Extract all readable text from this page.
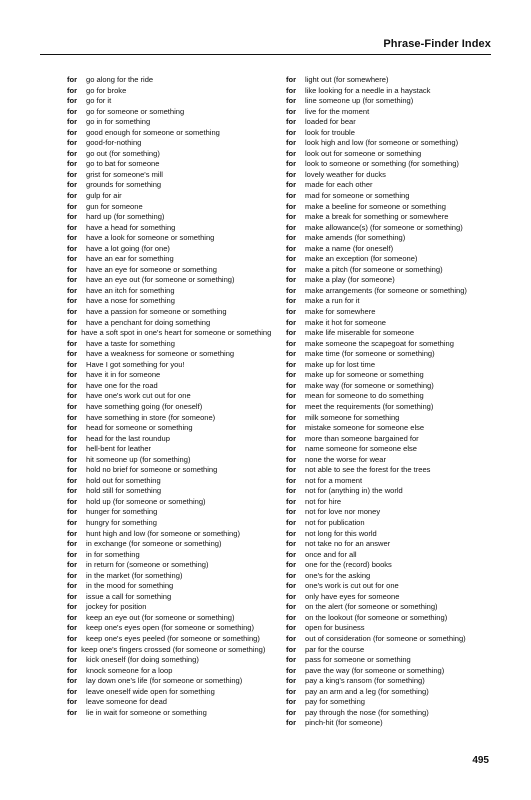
Phrase-Finder Index
for go along for the ride
for go for broke
for go for it
for go for someone or something
for go in for something
for good enough for someone or something
for good-for-nothing
for go out (for something)
for go to bat for someone
for grist for someone's mill
for grounds for something
for gulp for air
for gun for someone
for hard up (for something)
for have a head for something
for have a look for someone or something
for have a lot going (for one)
for have an ear for something
for have an eye for someone or something
for have an eye out (for someone or something)
for have an itch for something
for have a nose for something
for have a passion for someone or something
for have a penchant for doing something
for have a soft spot in one's heart for someone or something
for have a taste for something
for have a weakness for someone or something
for Have I got something for you!
for have it in for someone
for have one for the road
for have one's work cut out for one
for have something going (for oneself)
for have something in store (for someone)
for head for someone or something
for head for the last roundup
for hell-bent for leather
for hit someone up (for something)
for hold no brief for someone or something
for hold out for something
for hold still for something
for hold up (for someone or something)
for hunger for something
for hungry for something
for hunt high and low (for someone or something)
for in exchange (for someone or something)
for in for something
for in return for (someone or something)
for in the market (for something)
for in the mood for something
for issue a call for something
for jockey for position
for keep an eye out (for someone or something)
for keep one's eyes open (for someone or something)
for keep one's eyes peeled (for someone or something)
for keep one's fingers crossed (for someone or something)
for kick oneself (for doing something)
for knock someone for a loop
for lay down one's life (for someone or something)
for leave oneself wide open for something
for leave someone for dead
for lie in wait for someone or something
for light out (for somewhere)
for like looking for a needle in a haystack
for line someone up (for something)
for live for the moment
for loaded for bear
for look for trouble
for look high and low (for someone or something)
for look out for someone or something
for look to someone or something (for something)
for lovely weather for ducks
for made for each other
for mad for someone or something
for make a beeline for someone or something
for make a break for something or somewhere
for make allowance(s) (for someone or something)
for make amends (for something)
for make a name (for oneself)
for make an exception (for someone)
for make a pitch (for someone or something)
for make a play (for someone)
for make arrangements (for someone or something)
for make a run for it
for make for somewhere
for make it hot for someone
for make life miserable for someone
for make someone the scapegoat for something
for make time (for someone or something)
for make up for lost time
for make up for someone or something
for make way (for someone or something)
for mean for someone to do something
for meet the requirements (for something)
for milk someone for something
for mistake someone for someone else
for more than someone bargained for
for name someone for someone else
for none the worse for wear
for not able to see the forest for the trees
for not for a moment
for not for (anything in) the world
for not for hire
for not for love nor money
for not for publication
for not long for this world
for not take no for an answer
for once and for all
for one for the (record) books
for one's for the asking
for one's work is cut out for one
for only have eyes for someone
for on the alert (for someone or something)
for on the lookout (for someone or something)
for open for business
for out of consideration (for someone or something)
for par for the course
for pass for someone or something
for pave the way (for someone or something)
for pay a king's ransom (for something)
for pay an arm and a leg (for something)
for pay for something
for pay through the nose (for something)
for pinch-hit (for someone)
495
